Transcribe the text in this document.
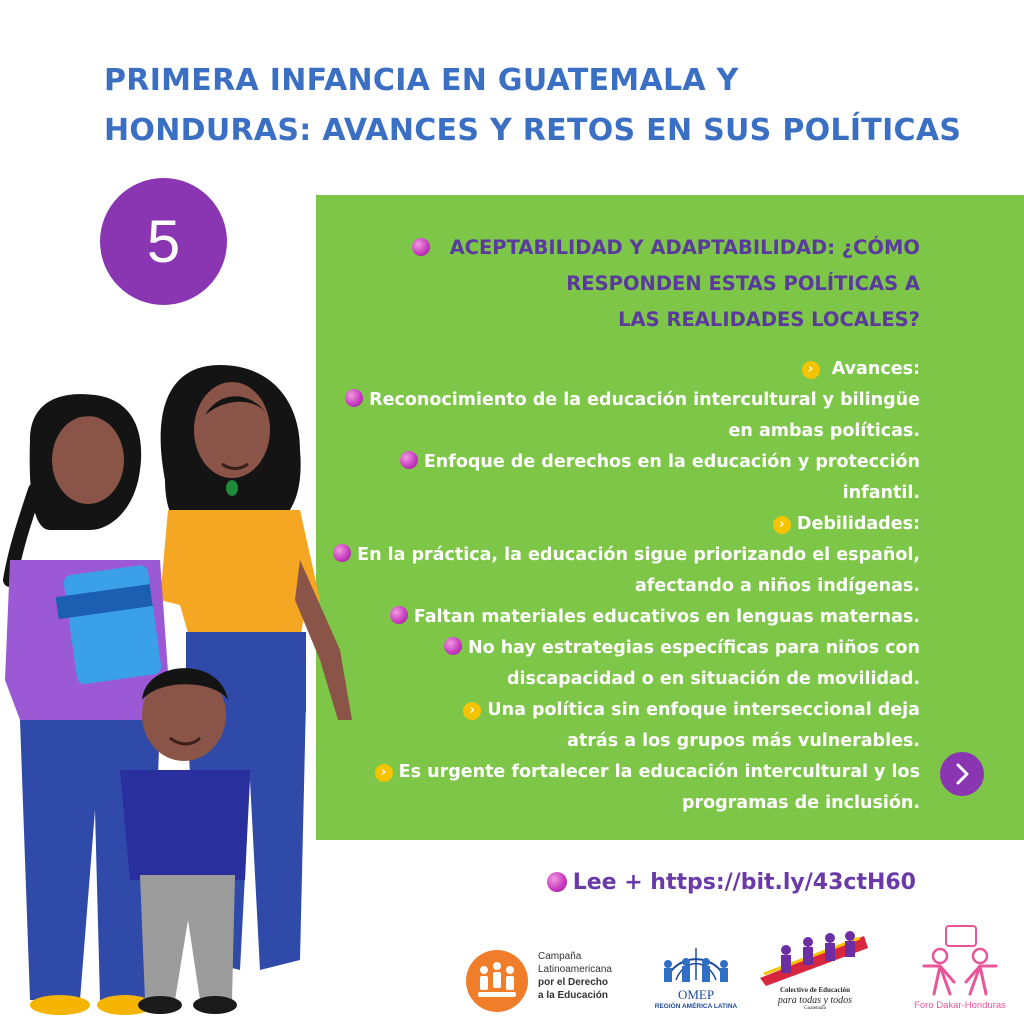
PRIMERA INFANCIA EN GUATEMALA Y
HONDURAS: AVANCES Y RETOS EN SUS POLÍTICAS
5	ACEPTABILIDAD Y ADAPTABILIDAD: ¿CÓMO
RESPONDEN ESTAS POLÍTICAS A
LAS REALIDADES LOCALES?
› Avances:
Reconocimiento de la educación intercultural y bilingüe
en ambas políticas.
Enfoque de derechos en la educación y protección
infantil.
› Debilidades:
En la práctica, la educación sigue priorizando el español,
afectando a niños indígenas.
Faltan materiales educativos en lenguas maternas.
No hay estrategias específicas para niños con
discapacidad o en situación de movilidad.
› Una política sin enfoque interseccional deja
atrás a los grupos más vulnerables.
› Es urgente fortalecer la educación intercultural y los
programas de inclusión.
Lee + https://bit.ly/43ctH60
Campaña
Latinoamericana
por el Derecho
a la Educación	OMEP
REGIÓN AMÉRICA LATINA
Colectivo de Educación
para todas y todos
Guatemala	Foro Dakar-Honduras
